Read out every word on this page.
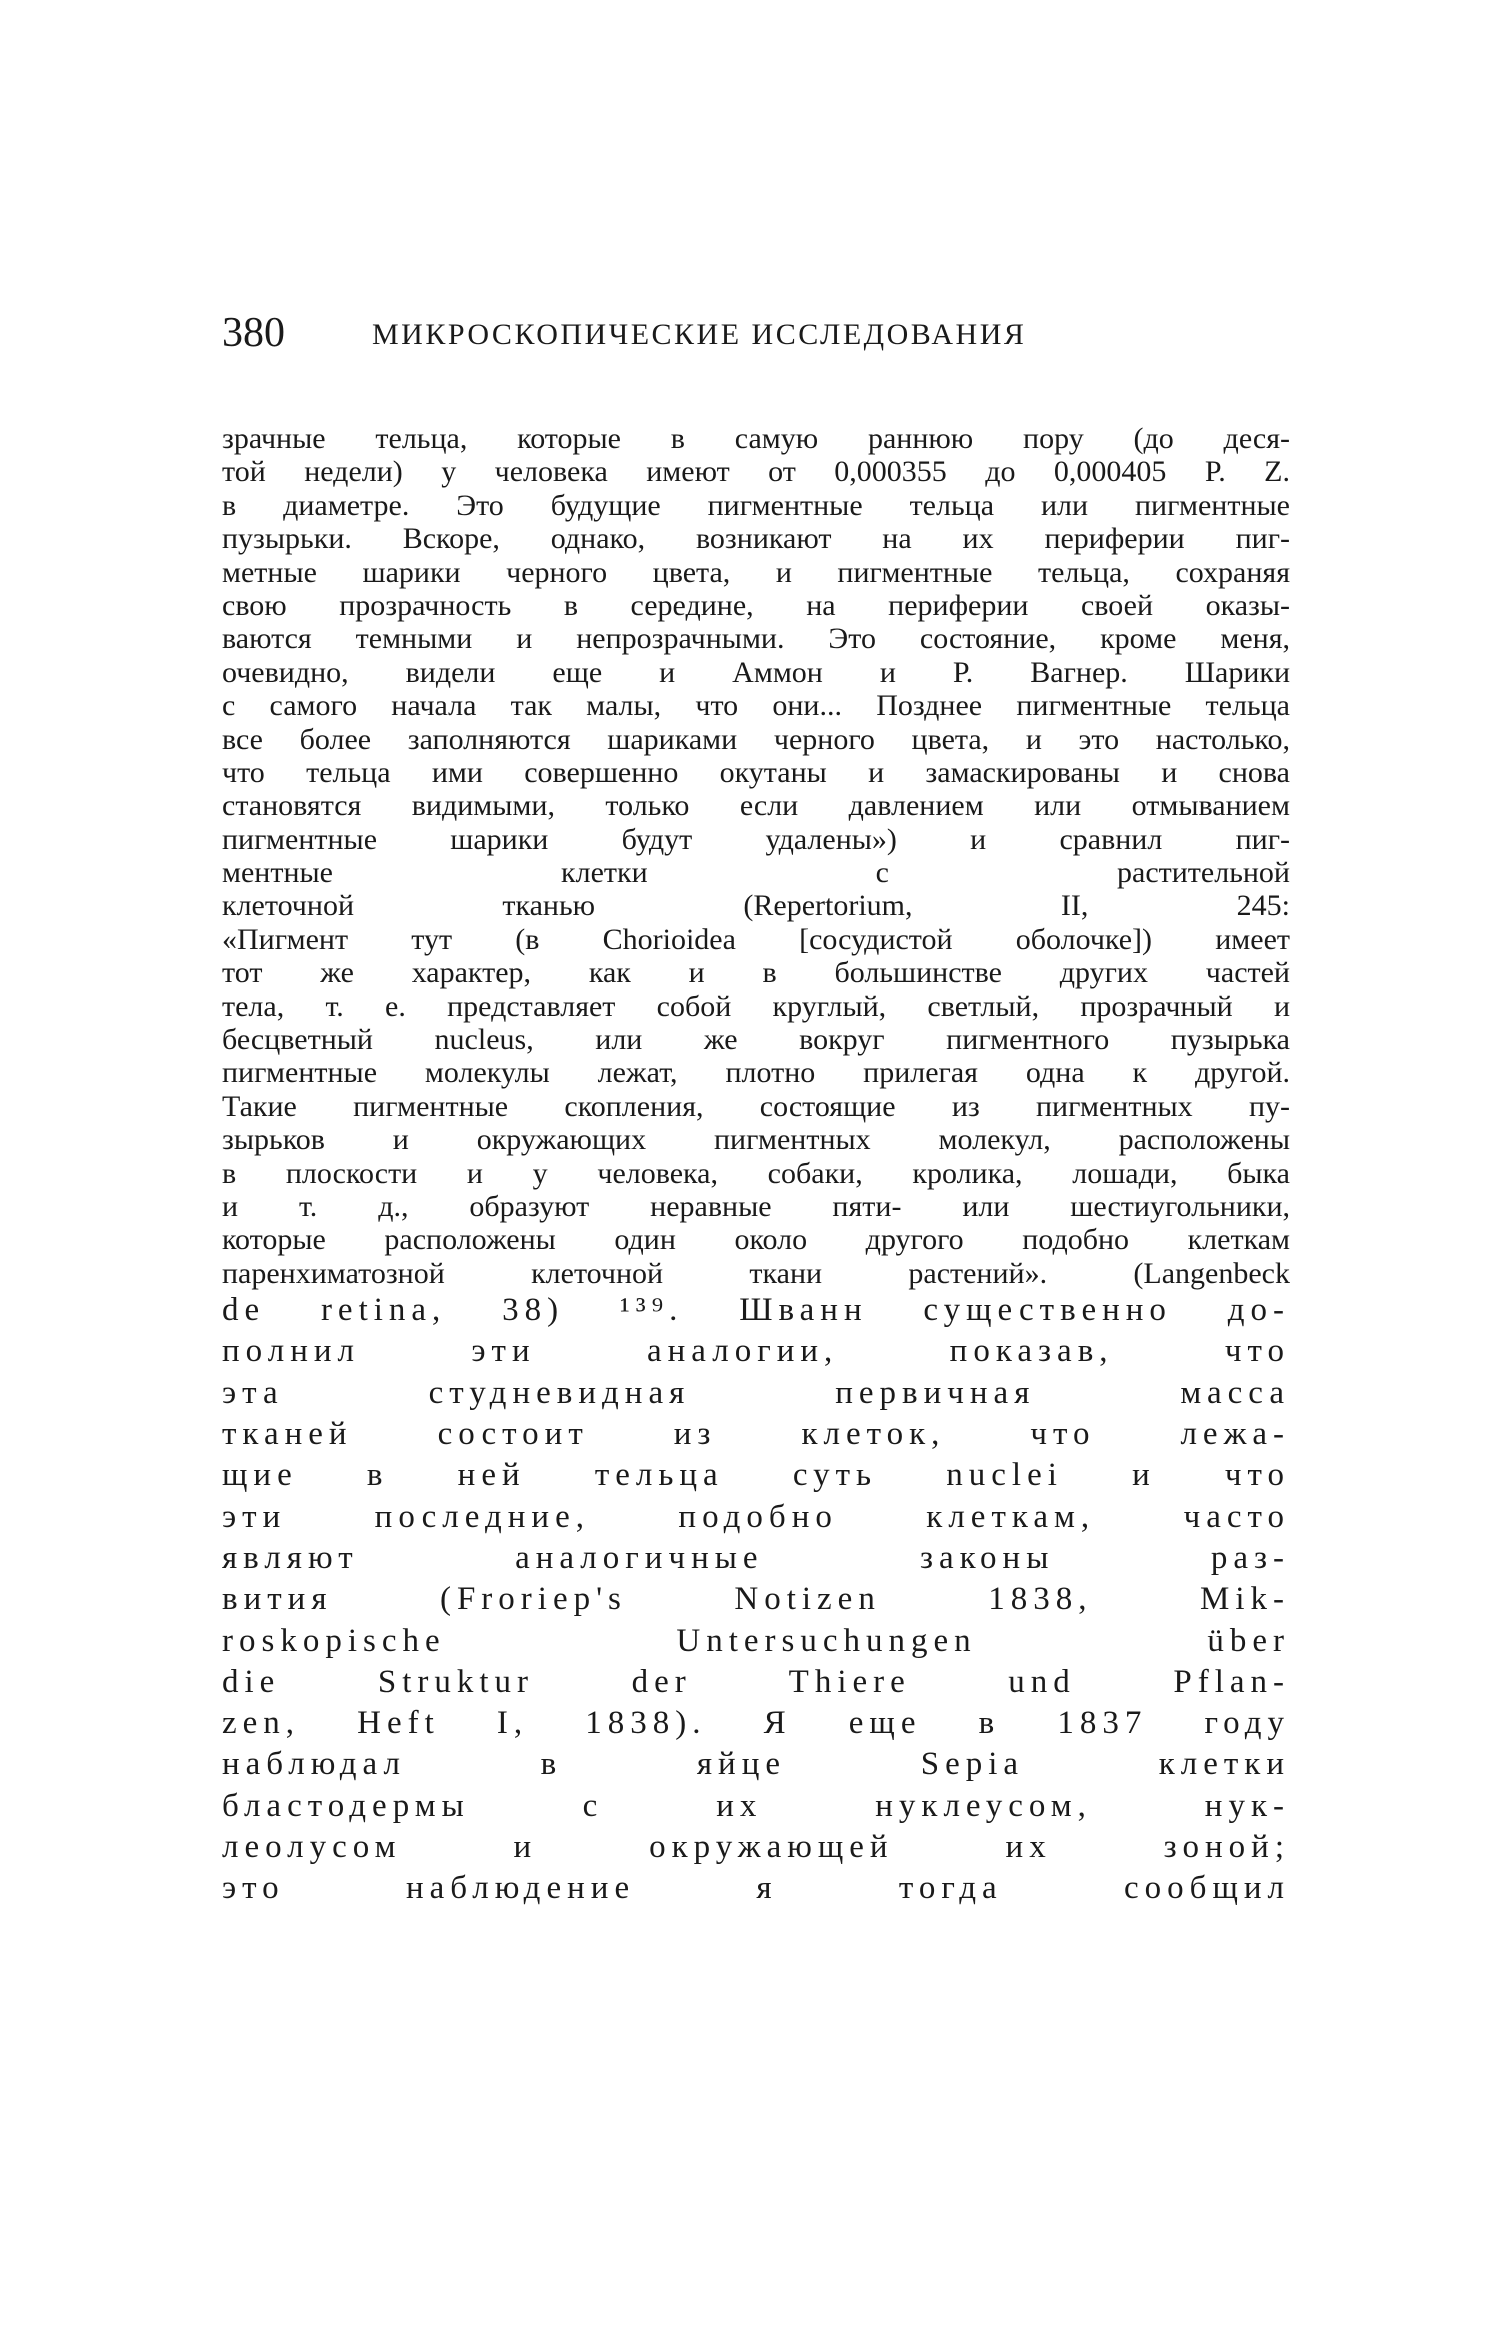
380	МИКРОСКОПИЧЕСКИЕ ИССЛЕДОВАНИЯ
зрачные тельца, которые в самую раннюю пору (до деся-
той недели) у человека имеют от 0,000355 до 0,000405 P. Z.
в диаметре. Это будущие пигментные тельца или пигментные
пузырьки. Вскоре, однако, возникают на их периферии пиг-
метные шарики черного цвета, и пигментные тельца, сохраняя
свою прозрачность в середине, на периферии своей оказы-
ваются темными и непрозрачными. Это состояние, кроме меня,
очевидно, видели еще и Аммон и Р. Вагнер. Шарики
с самого начала так малы, что они... Позднее пигментные тельца
все более заполняются шариками черного цвета, и это настолько,
что тельца ими совершенно окутаны и замаскированы и снова
становятся видимыми, только если давлением или отмыванием
пигментные шарики будут удалены») и сравнил пиг-
ментные клетки с растительной
клеточной тканью (Repertorium, II, 245:
«Пигмент тут (в Chorioidea [сосудистой оболочке]) имеет
тот же характер, как и в большинстве других частей
тела, т. е. представляет собой круглый, светлый, прозрачный и
бесцветный nucleus, или же вокруг пигментного пузырька
пигментные молекулы лежат, плотно прилегая одна к другой.
Такие пигментные скопления, состоящие из пигментных пу-
зырьков и окружающих пигментных молекул, расположены
в плоскости и у человека, собаки, кролика, лошади, быка
и т. д., образуют неравные пяти- или шестиугольники,
которые расположены один около другого подобно клеткам
паренхиматозной клеточной ткани растений». (Langenbeck
de retina, 38) ¹³⁹. Шванн существенно до-
полнил эти аналогии, показав, что
эта студневидная первичная масса
тканей состоит из клеток, что лежа-
щие в ней тельца суть nuclei и что
эти последние, подобно клеткам, часто
являют аналогичные законы раз-
вития (Froriep's Notizen 1838, Mik-
roskopische Untersuchungen über
die Struktur der Thiere und Pflan-
zen, Heft I, 1838). Я еще в 1837 году
наблюдал в яйце Sepia клетки
бластодермы с их нуклеусом, нук-
леолусом и окружающей их зоной;
это наблюдение я тогда сообщил
